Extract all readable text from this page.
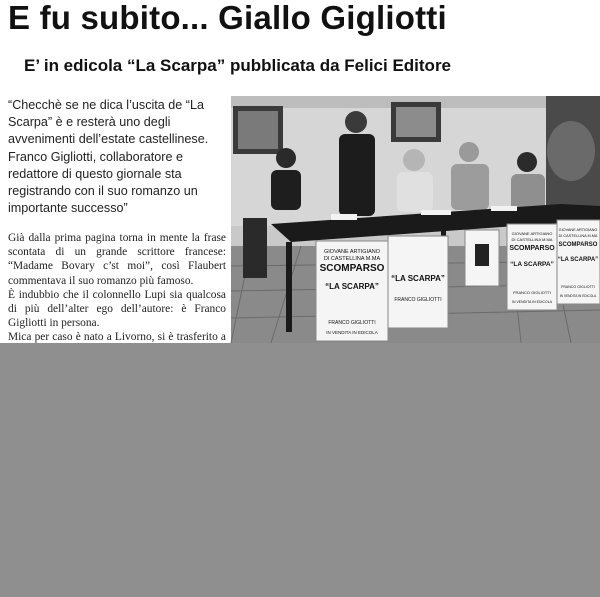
E fu subito... Giallo Gigliotti
E’ in edicola “La Scarpa” pubblicata da Felici Editore
“Checchè se ne dica l’uscita de “La Scarpa” è e resterà uno degli avvenimenti dell’estate castellinese. Franco Gigliotti, collaboratore e redattore di questo giornale sta registrando con il suo romanzo un importante successo”

Già dalla prima pagina torna in mente la frase scontata di un grande scrittore francese: “Madame Bovary c’st moi”, così Flaubert commentava il suo romanzo più famoso.

È indubbio che il colonnello Lupi sia qualcosa di più dell’alter ego dell’autore: è Franco Gigliotti in persona.

Mica per caso è nato a Livorno, si è trasferito a

GIOVANE ARTIGIANO
DI CASTELLINA M.MA
SCOMPARSO
“LA SCARPA”
FRANCO GIGLIOTTI
IN VENDITA IN EDICOLA
“LA SCARPA”
FRANCO GIGLIOTTI
GIOVANE ARTIGIANO
DI CASTELLINA M.MA
SCOMPARSO
“LA SCARPA”
FRANCO GIGLIOTTI
IN VENDITA IN EDICOLA
GIOVANE ARTIGIANO
DI CASTELLINA M.MA
SCOMPARSO
“LA SCARPA”
FRANCO GIGLIOTTI
IN VENDITA IN EDICOLA
